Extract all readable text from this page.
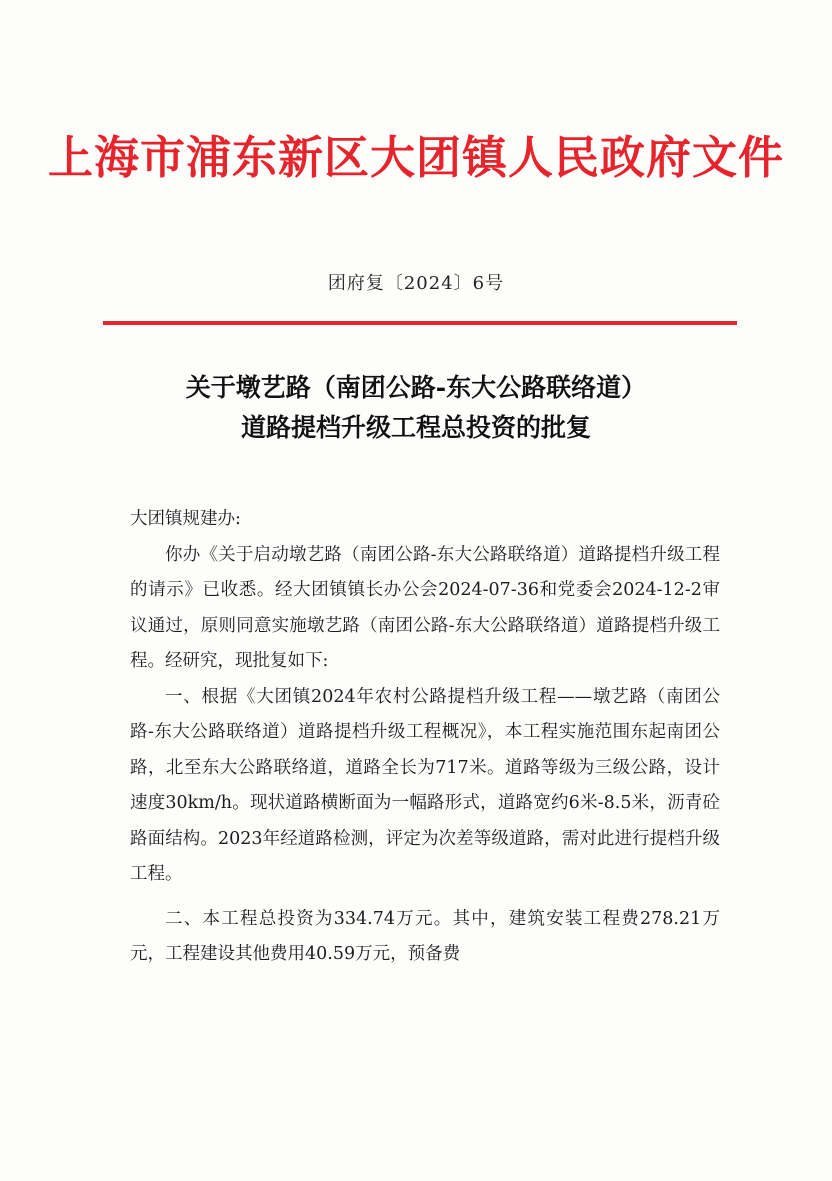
上海市浦东新区大团镇人民政府文件
团府复〔2024〕6号
关于墩艺路（南团公路-东大公路联络道）
道路提档升级工程总投资的批复

大团镇规建办:

你办《关于启动墩艺路（南团公路-东大公路联络道）道路提档升级工程的请示》已收悉。经大团镇镇长办公会2024-07-36和党委会2024-12-2审议通过，原则同意实施墩艺路（南团公路-东大公路联络道）道路提档升级工程。经研究，现批复如下:

一、根据《大团镇2024年农村公路提档升级工程——墩艺路（南团公路-东大公路联络道）道路提档升级工程概况》，本工程实施范围东起南团公路，北至东大公路联络道，道路全长为717米。道路等级为三级公路，设计速度30km/h。现状道路横断面为一幅路形式，道路宽约6米-8.5米，沥青砼路面结构。2023年经道路检测，评定为次差等级道路，需对此进行提档升级工程。

二、本工程总投资为334.74万元。其中，建筑安装工程费278.21万元，工程建设其他费用40.59万元，预备费
